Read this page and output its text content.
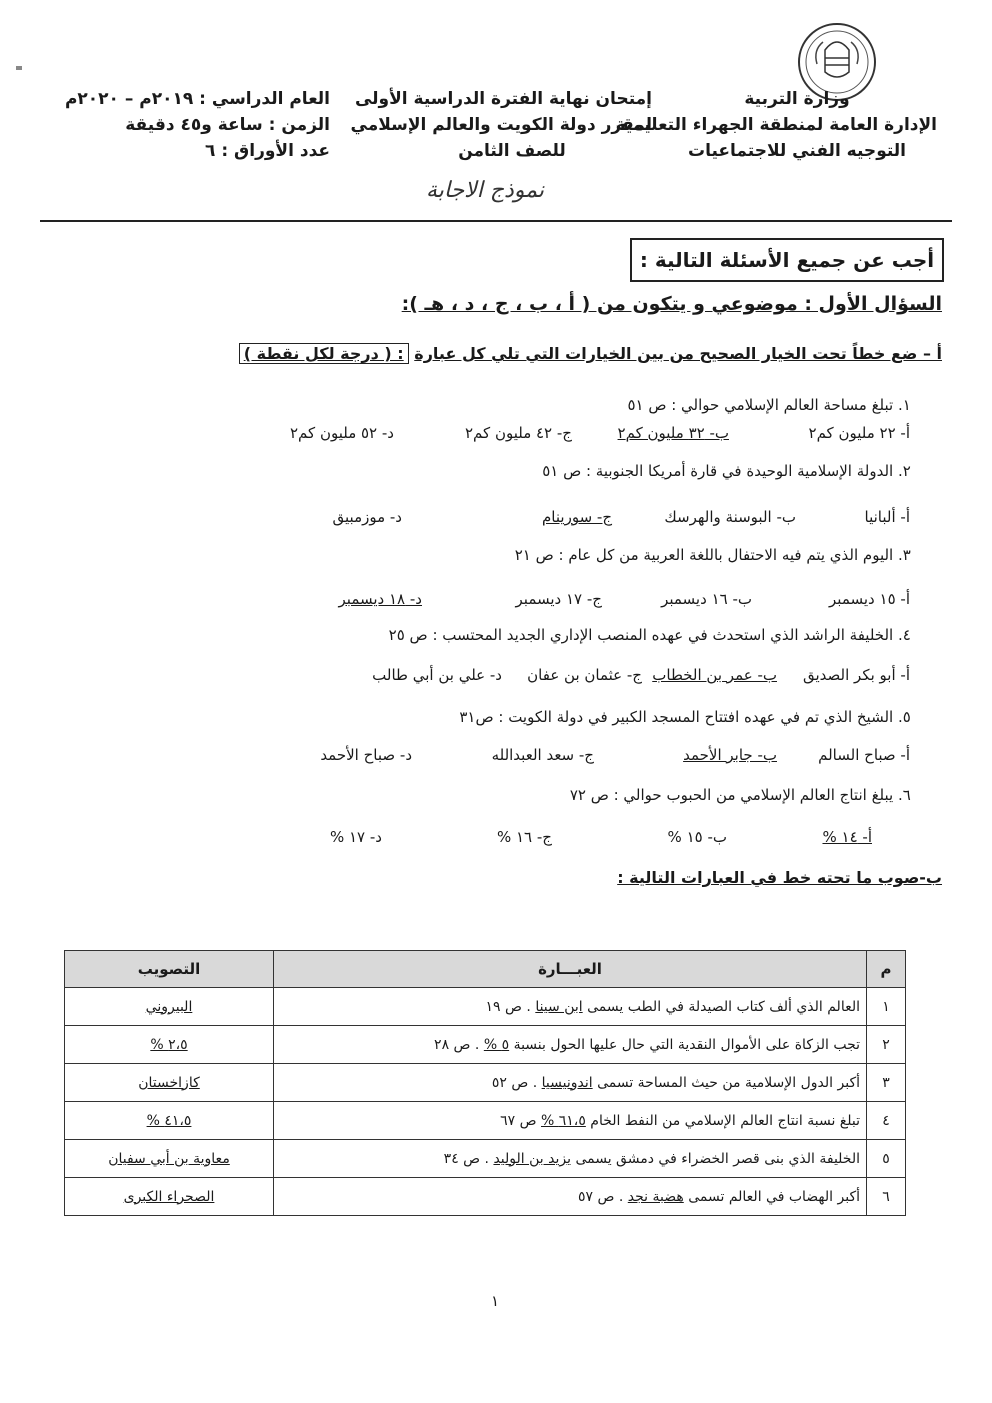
وزارة التربية
الإدارة العامة لمنطقة الجهراء التعليمية
التوجيه الفني للاجتماعيات
إمتحان نهاية الفترة الدراسية الأولى
لمقرر دولة الكويت والعالم الإسلامي
للصف الثامن
العام الدراسي : ٢٠١٩م – ٢٠٢٠م
الزمن : ساعة و٤٥ دقيقة
عدد الأوراق : ٦
نموذج الاجابة
أجب عن جميع الأسئلة التالية :
السؤال الأول : موضوعي و يتكون من ( أ ، ب ، ج ، د ، هـ ):
أ – ضع خطاً تحت الخيار الصحيح من بين الخيارات التي تلي كل عبارة : ( درجة لكل نقطة )
١. تبلغ مساحة العالم الإسلامي حوالي : ص ٥١
أ- ٢٢ مليون كم٢
ب- ٣٢ مليون كم٢
ج- ٤٢ مليون كم٢
د- ٥٢ مليون كم٢
٢. الدولة الإسلامية الوحيدة في قارة أمريكا الجنوبية : ص ٥١
أ- ألبانيا
ب- البوسنة والهرسك
ج- سورينام
د- موزمبيق
٣. اليوم الذي يتم فيه الاحتفال باللغة العربية من كل عام : ص ٢١
أ- ١٥ ديسمبر
ب- ١٦ ديسمبر
ج- ١٧ ديسمبر
د- ١٨ ديسمبر
٤. الخليفة الراشد الذي استحدث في عهده المنصب الإداري الجديد المحتسب : ص ٢٥
أ- أبو بكر الصديق
ب- عمر بن الخطاب
ج- عثمان بن عفان
د- علي بن أبي طالب
٥. الشيخ الذي تم في عهده افتتاح المسجد الكبير في دولة الكويت : ص٣١
أ- صباح السالم
ب- جابر الأحمد
ج- سعد العبدالله
د- صباح الأحمد
٦. يبلغ انتاج العالم الإسلامي من الحبوب حوالي : ص ٧٢
أ- ١٤ %
ب- ١٥ %
ج- ١٦ %
د- ١٧ %
ب-صوب ما تحته خط في العبارات التالية :
م	العبـــارة	التصويب
١	العالم الذي ألف كتاب الصيدلة في الطب يسمى ابن سينا . ص ١٩	البيروني
٢	تجب الزكاة على الأموال النقدية التي حال عليها الحول بنسبة ٥ % . ص ٢٨	٢،٥ %
٣	أكبر الدول الإسلامية من حيث المساحة تسمى اندونيسيا . ص ٥٢	كازاخستان
٤	تبلغ نسبة انتاج العالم الإسلامي من النفط الخام ٦١،٥ % ص ٦٧	٤١،٥ %
٥	الخليفة الذي بنى قصر الخضراء في دمشق يسمى يزيد بن الوليد . ص ٣٤	معاوية بن أبي سفيان
٦	أكبر الهضاب في العالم تسمى هضبة نجد . ص ٥٧	الصحراء الكبرى
١
